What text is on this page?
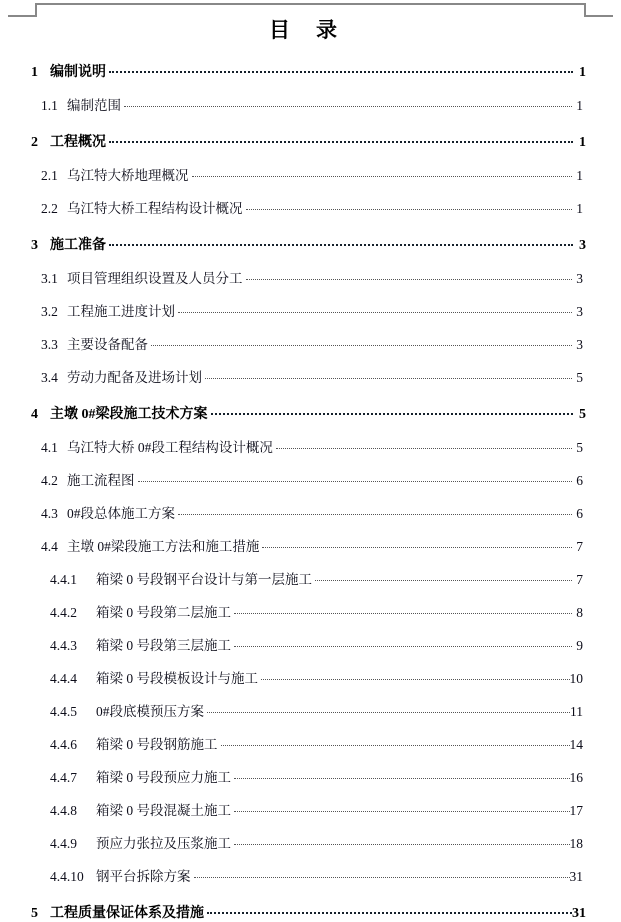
目    录
1 编制说明	1
1.1 编制范围	1
2 工程概况	1
2.1 乌江特大桥地理概况	1
2.2 乌江特大桥工程结构设计概况	1
3 施工准备	3
3.1 项目管理组织设置及人员分工	3
3.2 工程施工进度计划	3
3.3 主要设备配备	3
3.4 劳动力配备及进场计划	5
4 主墩 0#梁段施工技术方案	5
4.1 乌江特大桥 0#段工程结构设计概况	5
4.2 施工流程图	6
4.3 0#段总体施工方案	6
4.4 主墩 0#梁段施工方法和施工措施	7
4.4.1	箱梁 0 号段钢平台设计与第一层施工	7
4.4.2	箱梁 0 号段第二层施工	8
4.4.3	箱梁 0 号段第三层施工	9
4.4.4	箱梁 0 号段模板设计与施工	10
4.4.5	0#段底模预压方案	11
4.4.6	箱梁 0 号段钢筋施工	14
4.4.7	箱梁 0 号段预应力施工	16
4.4.8	箱梁 0 号段混凝土施工	17
4.4.9	预应力张拉及压浆施工	18
4.4.10 钢平台拆除方案	31
5 工程质量保证体系及措施	31
